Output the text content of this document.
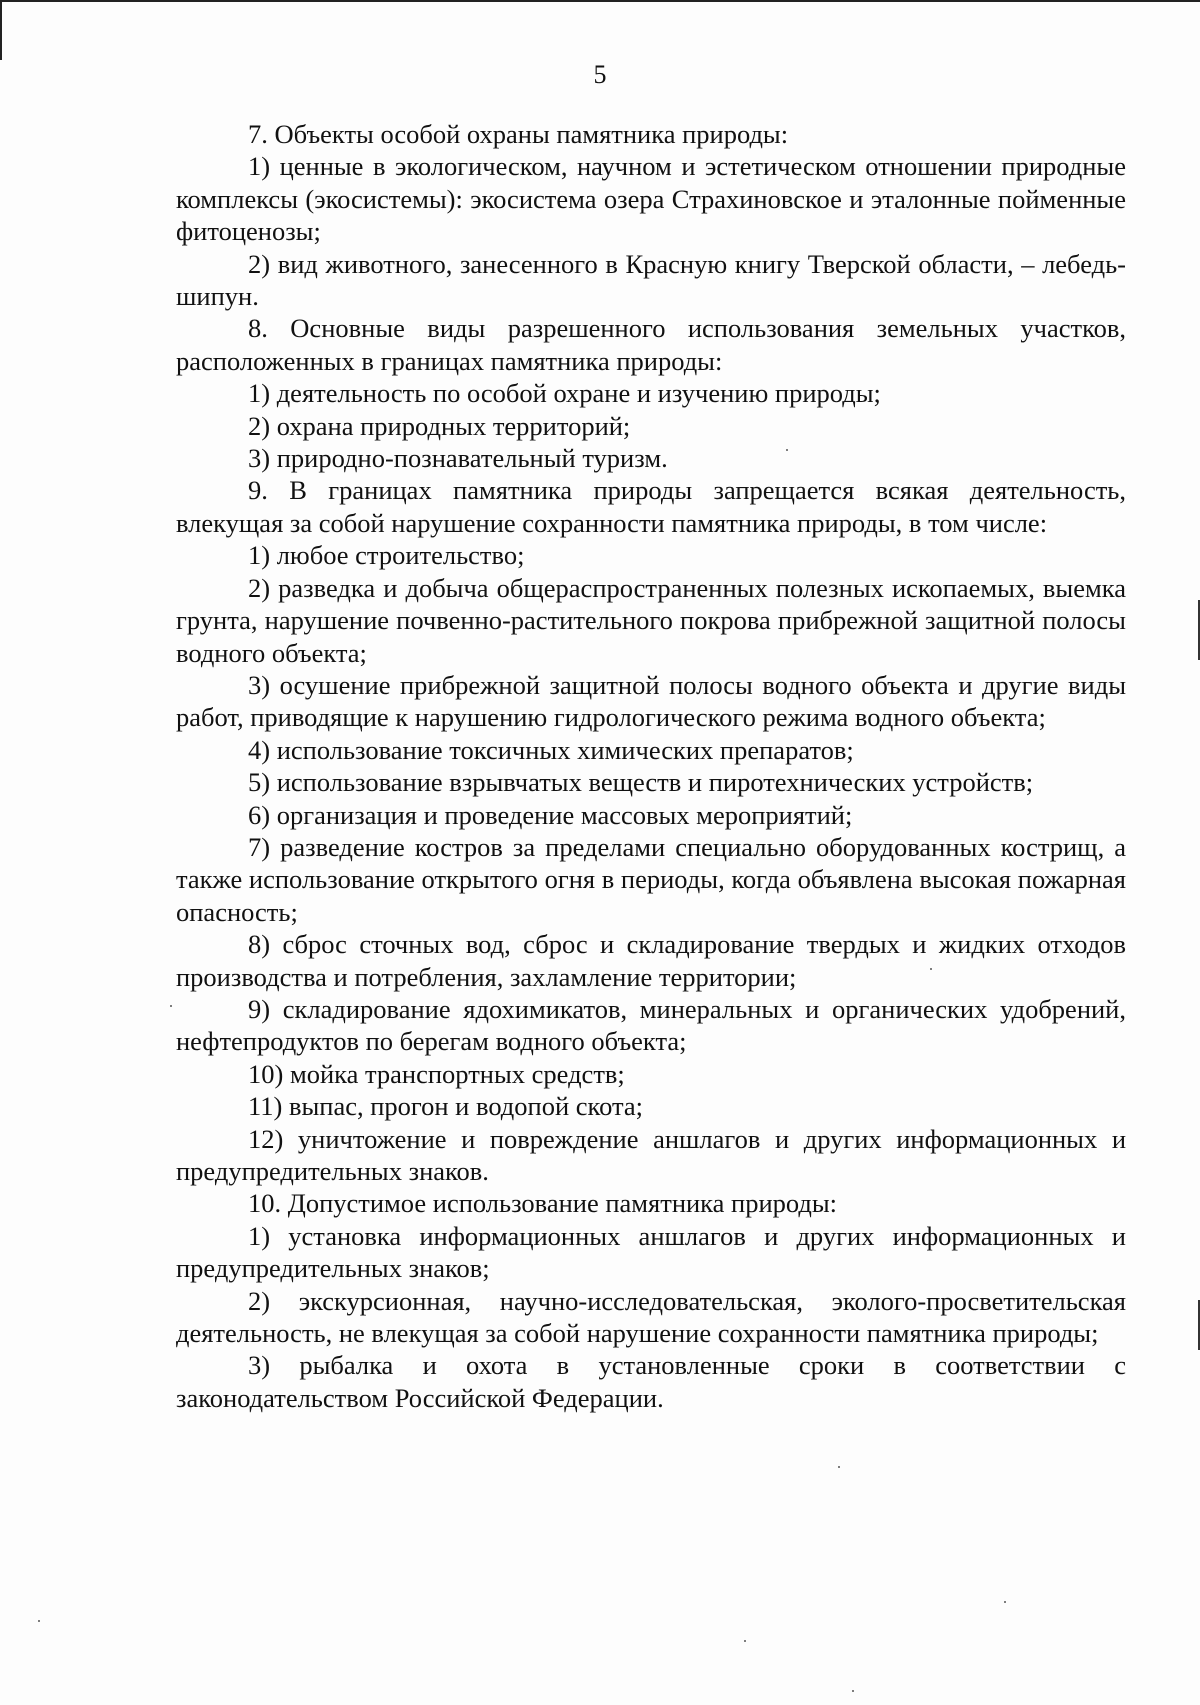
5

7. Объекты особой охраны памятника природы:

1) ценные в экологическом, научном и эстетическом отношении природные комплексы (экосистемы): экосистема озера Страхиновское и эталонные пойменные фитоценозы;

2) вид животного, занесенного в Красную книгу Тверской области, – лебедь-шипун.

8. Основные виды разрешенного использования земельных участков, расположенных в границах памятника природы:

1) деятельность по особой охране и изучению природы;

2) охрана природных территорий;

3) природно-познавательный туризм.

9. В границах памятника природы запрещается всякая деятельность, влекущая за собой нарушение сохранности памятника природы, в том числе:

1) любое строительство;

2) разведка и добыча общераспространенных полезных ископаемых, выемка грунта, нарушение почвенно-растительного покрова прибрежной защитной полосы водного объекта;

3) осушение прибрежной защитной полосы водного объекта и другие виды работ, приводящие к нарушению гидрологического режима водного объекта;

4) использование токсичных химических препаратов;

5) использование взрывчатых веществ и пиротехнических устройств;

6) организация и проведение массовых мероприятий;

7) разведение костров за пределами специально оборудованных кострищ, а также использование открытого огня в периоды, когда объявлена высокая пожарная опасность;

8) сброс сточных вод, сброс и складирование твердых и жидких отходов производства и потребления, захламление территории;

9) складирование ядохимикатов, минеральных и органических удобрений, нефтепродуктов по берегам водного объекта;

10) мойка транспортных средств;

11) выпас, прогон и водопой скота;

12) уничтожение и повреждение аншлагов и других информационных и предупредительных знаков.

10. Допустимое использование памятника природы:

1) установка информационных аншлагов и других информационных и предупредительных знаков;

2) экскурсионная, научно-исследовательская, эколого-просветительская деятельность, не влекущая за собой нарушение сохранности памятника природы;

3) рыбалка и охота в установленные сроки в соответствии с законодательством Российской Федерации.
